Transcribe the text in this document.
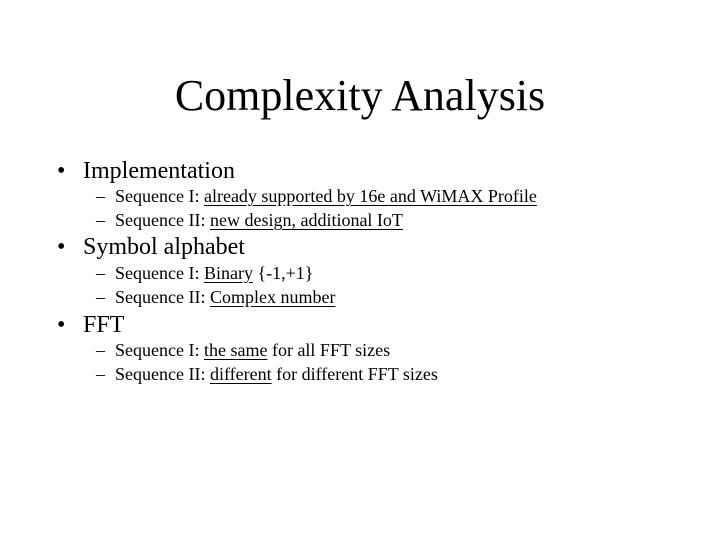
Complexity Analysis
• Implementation
– Sequence I: already supported by 16e and WiMAX Profile
– Sequence II: new design, additional IoT
• Symbol alphabet
– Sequence I: Binary {-1,+1}
– Sequence II: Complex number
• FFT
– Sequence I: the same for all FFT sizes
– Sequence II: different for different FFT sizes
